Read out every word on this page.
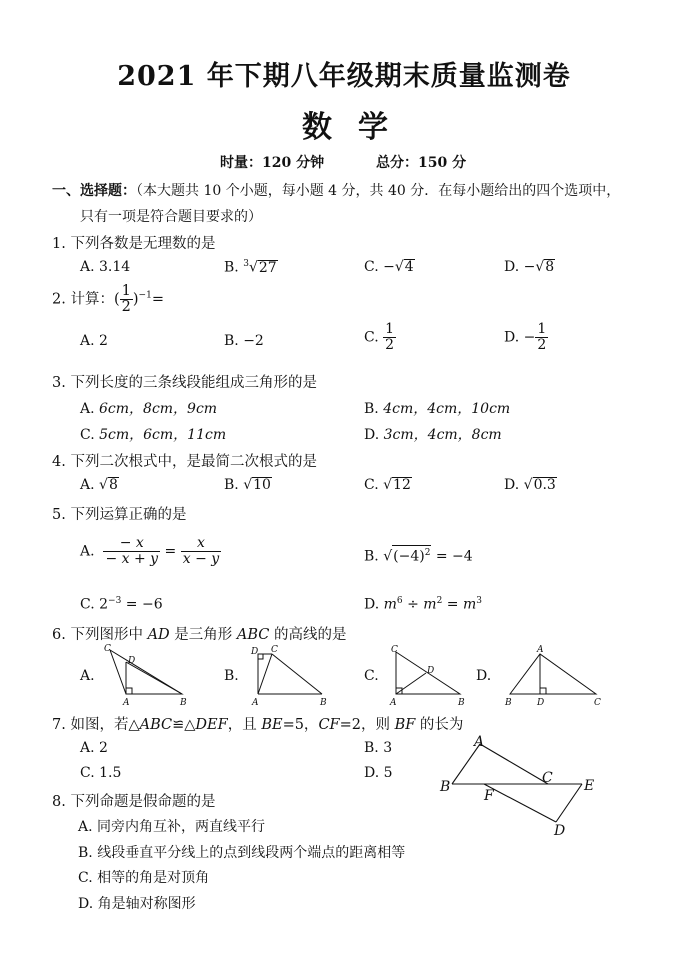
2021 年下期八年级期末质量监测卷
数学
时量：120 分钟	总分：150 分
一、选择题：（本大题共 10 个小题，每小题 4 分，共 40 分．在每小题给出的四个选项中，
只有一项是符合题目要求的）
1. 下列各数是无理数的是
A. 3.14	B. $^3$√27	C. −√4	D. −√8
2. 计算：( $\frac{1}{2} )^{-1}=$
A. 2	B. −2	C. $\frac{1}{2}$	D. − $\frac{1}{2}$
3. 下列长度的三条线段能组成三角形的是
A. 6cm，8cm，9cm	B. 4cm，4cm，10cm
C. 5cm，6cm，11cm	D. 3cm，4cm，8cm
4. 下列二次根式中，是最简二次根式的是
A. √8	B. √10	C. √12	D. √0.3
5. 下列运算正确的是
A. $\frac{- x}{- x + y} = \frac{x}{x - y}$	B. $√(-4)^2 = -4$
C. $2^{-3} = -6$	D. $m^6 \div m^2 = m^3$
6. 下列图形中 AD 是三角形 ABC 的高线的是
A.	B.	C.	D.
C
D
A	B
D C
A	B
C
D
A	B
A
B	D	C
7. 如图，若△ABC≌△DEF，且 BE=5，CF=2，则 BF 的长为
A. 2	B. 3
C. 1.5	D. 5
A
B
C E
F
D
8. 下列命题是假命题的是
A. 同旁内角互补，两直线平行
B. 线段垂直平分线上的点到线段两个端点的距离相等
C. 相等的角是对顶角
D. 角是轴对称图形
